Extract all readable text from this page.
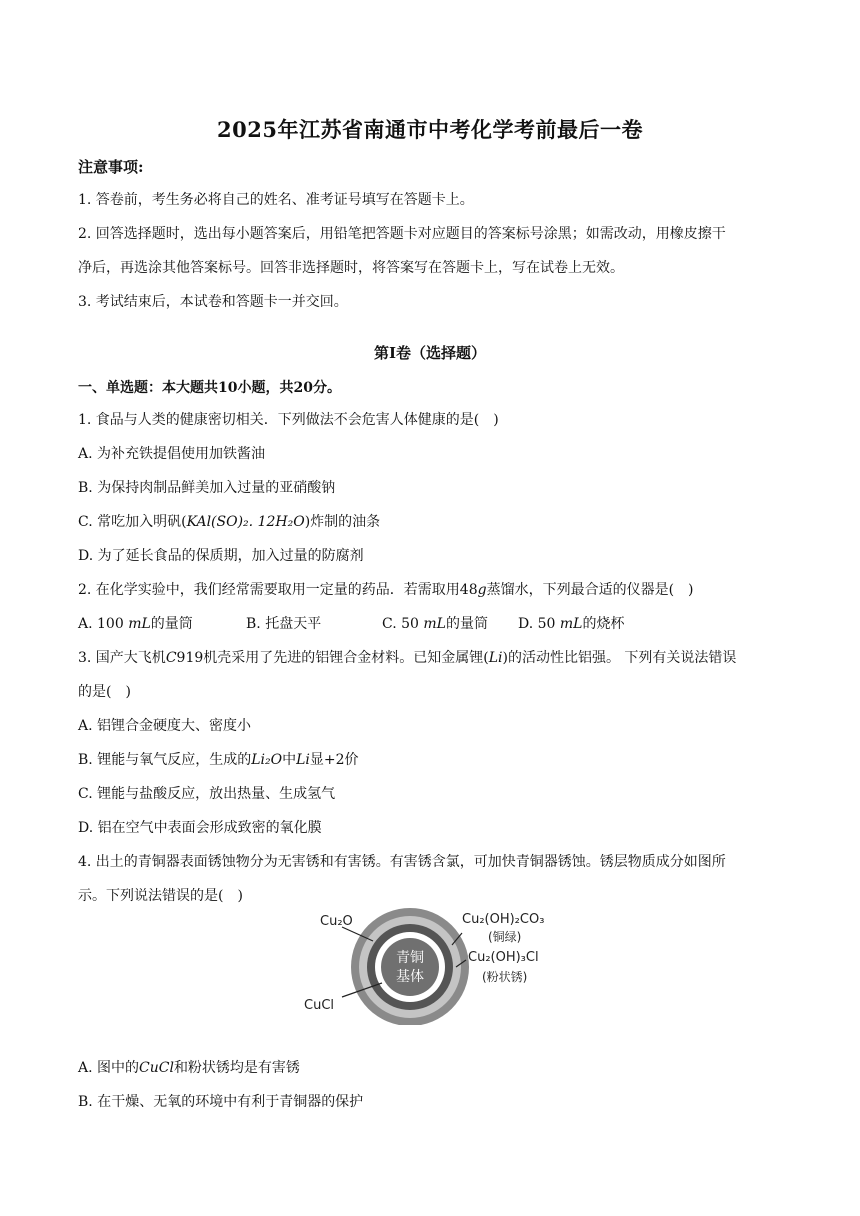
2025年江苏省南通市中考化学考前最后一卷
注意事项:
1. 答卷前，考生务必将自己的姓名、准考证号填写在答题卡上。
2. 回答选择题时，选出每小题答案后，用铅笔把答题卡对应题目的答案标号涂黑；如需改动，用橡皮擦干
净后，再选涂其他答案标号。回答非选择题时，将答案写在答题卡上，写在试卷上无效。
3. 考试结束后，本试卷和答题卡一并交回。
第I卷（选择题）
一、单选题：本大题共10小题，共20分。
1. 食品与人类的健康密切相关．下列做法不会危害人体健康的是( )
A. 为补充铁提倡使用加铁酱油
B. 为保持肉制品鲜美加入过量的亚硝酸钠
C. 常吃加入明矾(KAl(SO)₂. 12H₂O)炸制的油条
D. 为了延长食品的保质期，加入过量的防腐剂
2. 在化学实验中，我们经常需要取用一定量的药品．若需取用48g蒸馏水，下列最合适的仪器是( )
A. 100 mL的量筒	B. 托盘天平	C. 50 mL的量筒 D. 50 mL的烧杯
3. 国产大飞机C919机壳采用了先进的铝锂合金材料。已知金属锂(Li)的活动性比铝强。 下列有关说法错误
的是( )
A. 铝锂合金硬度大、密度小
B. 锂能与氧气反应，生成的Li₂O中Li显+2价
C. 锂能与盐酸反应，放出热量、生成氢气
D. 铝在空气中表面会形成致密的氧化膜
4. 出土的青铜器表面锈蚀物分为无害锈和有害锈。有害锈含氯，可加快青铜器锈蚀。锈层物质成分如图所
示。下列说法错误的是( )
青铜
基体
Cu₂O
CuCl
Cu₂(OH)₂CO₃
(铜绿)
Cu₂(OH)₃Cl
(粉状锈)
A. 图中的CuCl和粉状锈均是有害锈
B. 在干燥、无氧的环境中有利于青铜器的保护
